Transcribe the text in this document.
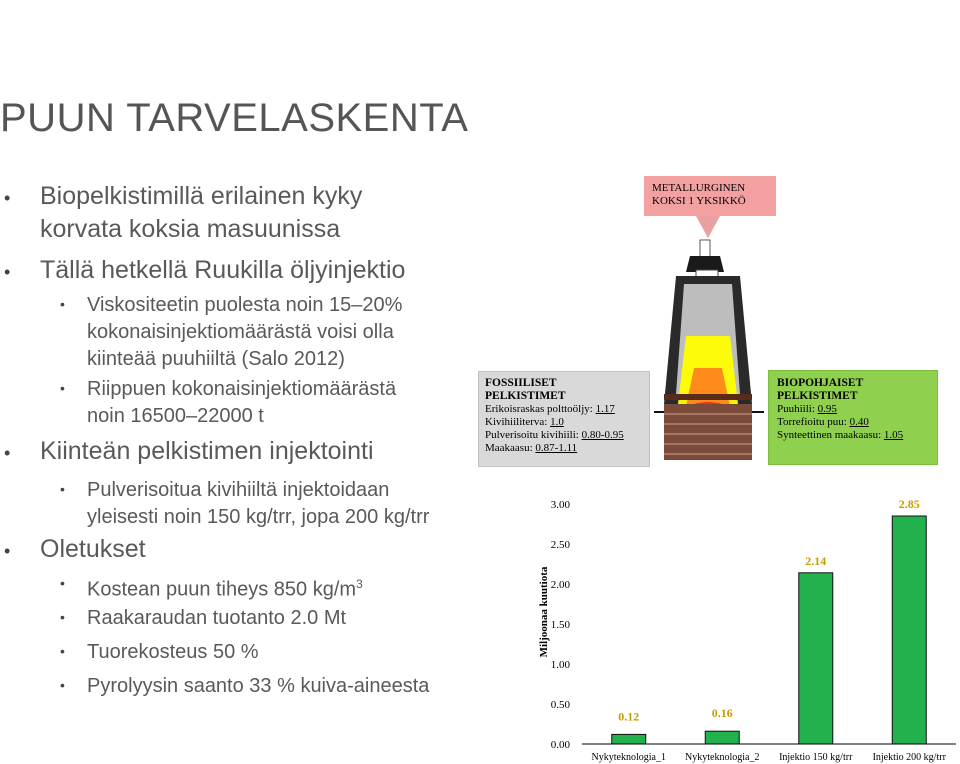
PUUN TARVELASKENTA
• Biopelkistimillä erilainen kyky
korvata koksia masuunissa
• Tällä hetkellä Ruukilla öljyinjektio
• Viskositeetin puolesta noin 15–20%
kokonaisinjektiomäärästä voisi olla
kiinteää puuhiiltä (Salo 2012)
• Riippuen kokonaisinjektiomäärästä
noin 16500–22000 t
• Kiinteän pelkistimen injektointi
• Pulverisoitua kivihiiltä injektoidaan
yleisesti noin 150 kg/trr, jopa 200 kg/trr
• Oletukset
• Kostean puun tiheys 850 $kg/m^3$
• Raakaraudan tuotanto 2.0 Mt
• Tuorekosteus 50 %
• Pyrolyysin saanto 33 % kuiva-aineesta
METALLURGINEN
KOKSI 1 YKSIKKÖ
FOSSIILISET
PELKISTIMET
Erikoisraskas polttoöljy: 1.17
Kivihiiliterva: 1.0
Pulverisoitu kivihiili: 0.80-0.95
Maakaasu: 0.87-1.11
BIOPOHJAISET
PELKISTIMET
Puuhiili: 0.95
Torrefioitu puu: 0.40
Synteettinen maakaasu: 1.05
Miljoonaa kuutiota
0.00
0.50
1.00
1.50
2.00
2.50
3.00
0.12	0.16
2.14
2.85
Nykyteknologia_1 Nykyteknologia_2 Injektio 150 kg/trr Injektio 200 kg/trr
